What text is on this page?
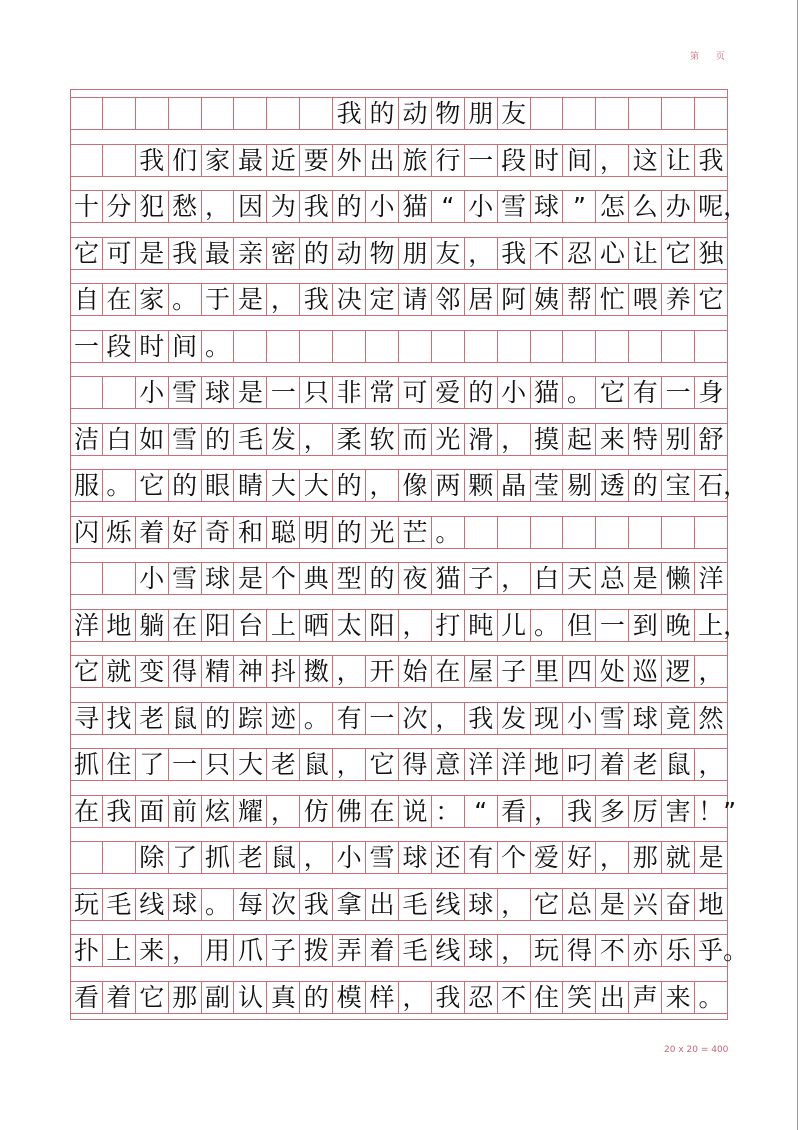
第 页
我 的 动 物 朋 友
我 们 家 最 近 要 外 出 旅 行 一 段 时 间 ， 这 让 我
十 分 犯 愁 ， 因 为 我 的 小 猫 “ 小 雪 球 ” 怎 么 办 呢，
它 可 是 我 最 亲 密 的 动 物 朋 友 ， 我 不 忍 心 让 它 独
自 在 家 。 于 是 ， 我 决 定 请 邻 居 阿 姨 帮 忙 喂 养 它
一 段 时 间 。
小 雪 球 是 一 只 非 常 可 爱 的 小 猫 。 它 有 一 身
洁 白 如 雪 的 毛 发 ， 柔 软 而 光 滑 ， 摸 起 来 特 别 舒
服 。 它 的 眼 睛 大 大 的 ， 像 两 颗 晶 莹 剔 透 的 宝 石，
闪 烁 着 好 奇 和 聪 明 的 光 芒 。
小 雪 球 是 个 典 型 的 夜 猫 子 ， 白 天 总 是 懒 洋
洋 地 躺 在 阳 台 上 晒 太 阳 ， 打 盹 儿 。 但 一 到 晚 上，
它 就 变 得 精 神 抖 擞 ， 开 始 在 屋 子 里 四 处 巡 逻 ，
寻 找 老 鼠 的 踪 迹 。 有 一 次 ， 我 发 现 小 雪 球 竟 然
抓 住 了 一 只 大 老 鼠 ， 它 得 意 洋 洋 地 叼 着 老 鼠 ，
在 我 面 前 炫 耀 ， 仿 佛 在 说 ： “ 看 ， 我 多 厉 害 ！”
除 了 抓 老 鼠 ， 小 雪 球 还 有 个 爱 好 ， 那 就 是
玩 毛 线 球 。 每 次 我 拿 出 毛 线 球 ， 它 总 是 兴 奋 地
扑 上 来 ， 用 爪 子 拨 弄 着 毛 线 球 ， 玩 得 不 亦 乐 乎。
看 着 它 那 副 认 真 的 模 样 ， 我 忍 不 住 笑 出 声 来 。
20 x 20 = 400
